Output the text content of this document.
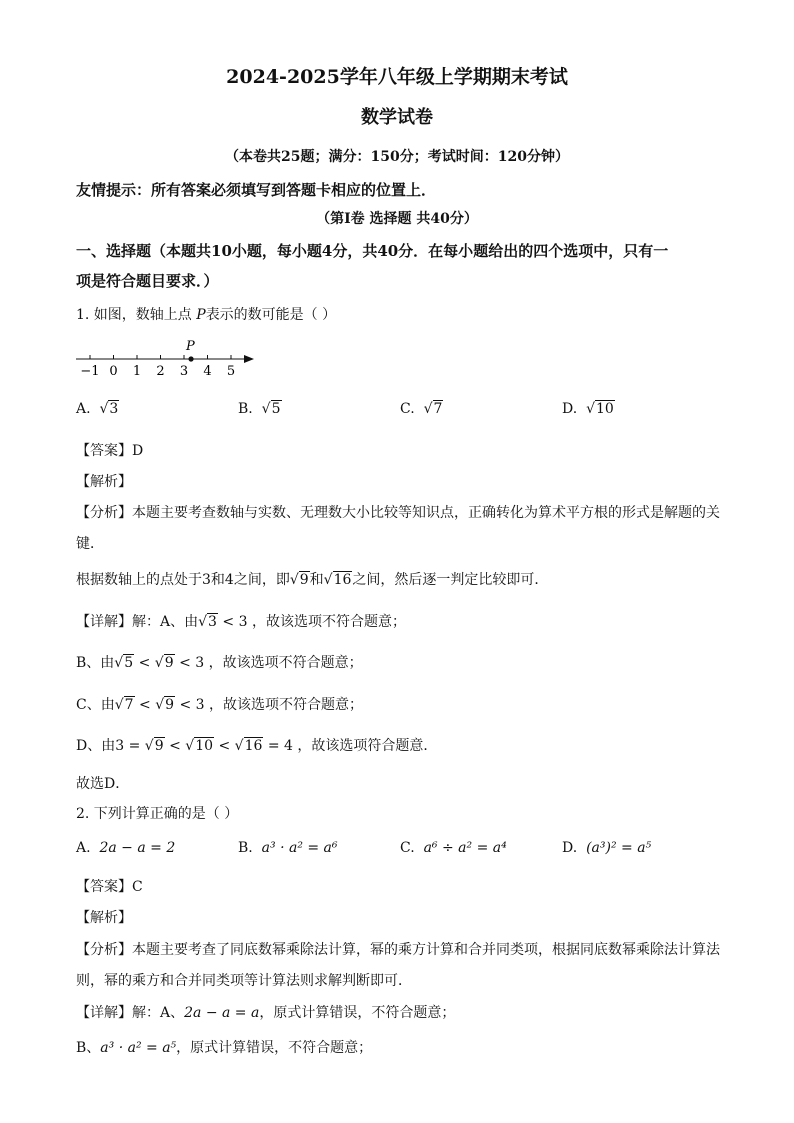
2024-2025学年八年级上学期期末考试
数学试卷
（本卷共25题；满分：150分；考试时间：120分钟）
友情提示：所有答案必须填写到答题卡相应的位置上．
（第Ⅰ卷 选择题 共40分）
一、选择题（本题共10小题，每小题4分，共40分．在每小题给出的四个选项中，只有一
项是符合题目要求．）
1. 如图，数轴上点 P表示的数可能是（ ）
−1 0 1 2 3 4 5
P
A. √3	B. √5	C. √7	D. √10
【答案】D
【解析】
【分析】本题主要考查数轴与实数、无理数大小比较等知识点，正确转化为算术平方根的形式是解题的关
键．
根据数轴上的点处于3和4之间，即√9和√16之间，然后逐一判定比较即可．
【详解】解：A、由√3 < 3 ，故该选项不符合题意；
B、由√5 < √9 < 3 ，故该选项不符合题意；
C、由√7 < √9 < 3 ，故该选项不符合题意；
D、由3 = √9 < √10 < √16 = 4 ，故该选项符合题意．
故选D．
2. 下列计算正确的是（ ）
A. 2a − a = 2	B. a³ · a² = a⁶	C. a⁶ ÷ a² = a⁴	D. (a³)² = a⁵
【答案】C
【解析】
【分析】本题主要考查了同底数幂乘除法计算，幂的乘方计算和合并同类项，根据同底数幂乘除法计算法
则，幂的乘方和合并同类项等计算法则求解判断即可．
【详解】解：A、2a − a = a，原式计算错误，不符合题意；
B、a³ · a² = a⁵，原式计算错误，不符合题意；
